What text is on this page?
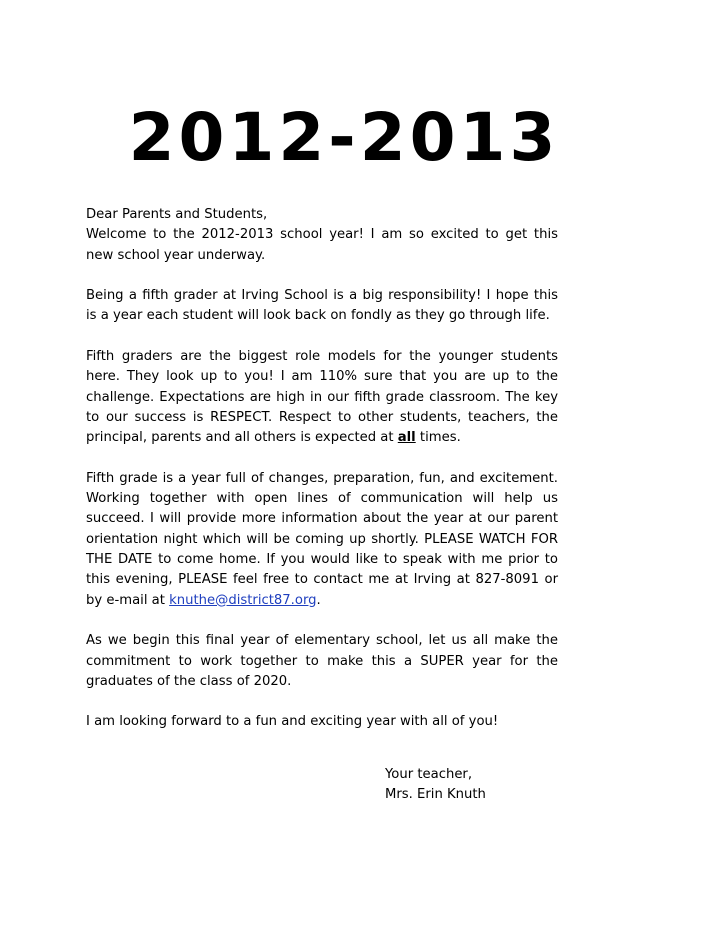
2012-2013

Dear Parents and Students,

Welcome to the 2012-2013 school year! I am so excited to get this new school year underway.

Being a fifth grader at Irving School is a big responsibility! I hope this is a year each student will look back on fondly as they go through life.

Fifth graders are the biggest role models for the younger students here. They look up to you! I am 110% sure that you are up to the challenge. Expectations are high in our fifth grade classroom. The key to our success is RESPECT. Respect to other students, teachers, the principal, parents and all others is expected at all times.

Fifth grade is a year full of changes, preparation, fun, and excitement. Working together with open lines of communication will help us succeed. I will provide more information about the year at our parent orientation night which will be coming up shortly. PLEASE WATCH FOR THE DATE to come home. If you would like to speak with me prior to this evening, PLEASE feel free to contact me at Irving at 827-8091 or by e-mail at knuthe@district87.org.

As we begin this final year of elementary school, let us all make the commitment to work together to make this a SUPER year for the graduates of the class of 2020.

I am looking forward to a fun and exciting year with all of you!

Your teacher,
Mrs. Erin Knuth
